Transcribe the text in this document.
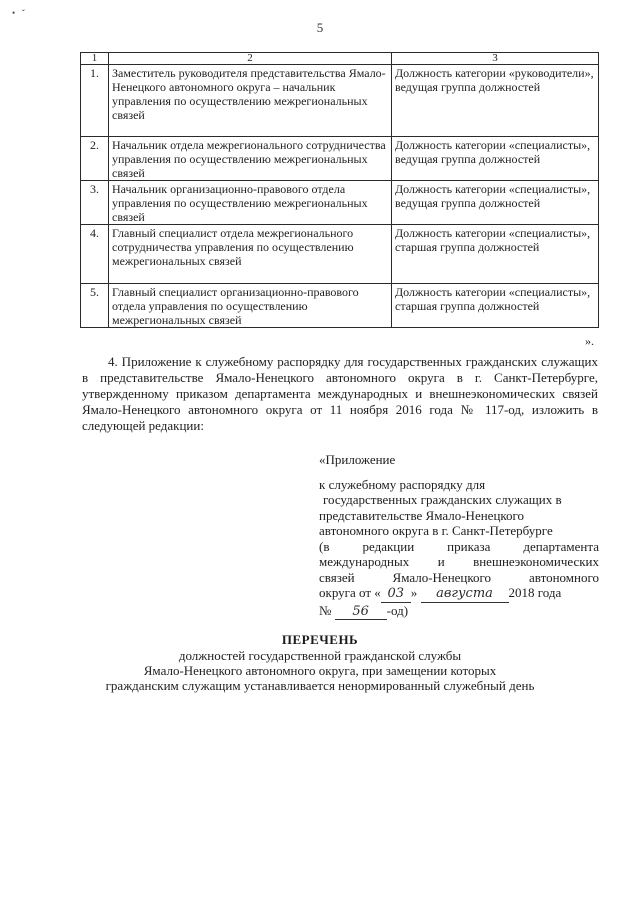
•   ˇ
5
1	2	3
1.	Заместитель руководителя представительства Ямало-Ненецкого автономного округа – начальник управления по осуществлению межрегиональных связей	Должность категории «руководители», ведущая группа должностей
2.	Начальник отдела межрегионального сотрудничества управления по осуществлению межрегиональных связей	Должность категории «специалисты», ведущая группа должностей
3.	Начальник организационно-правового отдела управления по осуществлению межрегиональных связей	Должность категории «специалисты», ведущая группа должностей
4.	Главный специалист отдела межрегионального сотрудничества управления по осуществлению межрегиональных связей	Должность категории «специалисты», старшая группа должностей
5.	Главный специалист организационно-правового отдела управления по осуществлению межрегиональных связей	Должность категории «специалисты», старшая группа должностей
».
4. Приложение к служебному распорядку для государственных гражданских служащих в представительстве Ямало-Ненецкого автономного округа в г. Санкт-Петербурге, утвержденному приказом департамента международных и внешнеэкономических связей Ямало-Ненецкого автономного округа от 11 ноября 2016 года № 117-од, изложить в следующей редакции:
«Приложение
к служебному распорядку для
государственных гражданских служащих в
представительстве Ямало-Ненецкого
автономного округа в г. Санкт-Петербурге
(в редакции приказа департамента
международных и внешнеэкономических
связей Ямало-Ненецкого автономного
округа от « 03 » августа 2018 года
№ 56 -од)
ПЕРЕЧЕНЬ
должностей государственной гражданской службы
Ямало-Ненецкого автономного округа, при замещении которых
гражданским служащим устанавливается ненормированный служебный день
